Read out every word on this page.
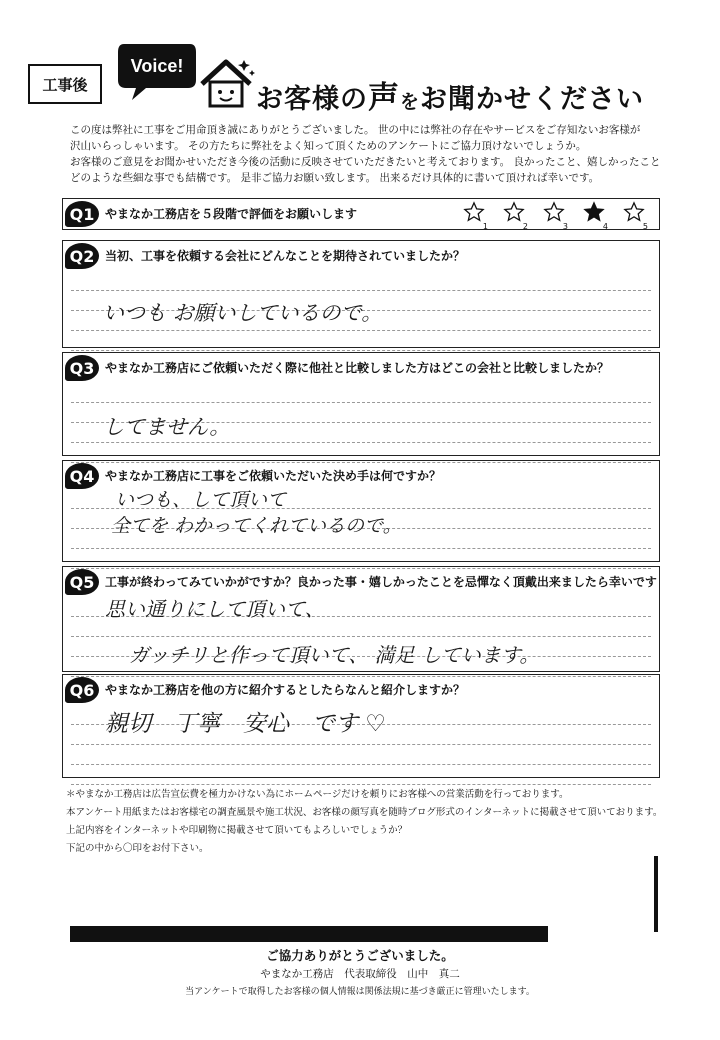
工事後
Voice!
お客様の声をお聞かせください

この度は弊社に工事をご用命頂き誠にありがとうございました。 世の中には弊社の存在やサービスをご存知ないお客様が

沢山いらっしゃいます。 その方たちに弊社をよく知って頂くためのアンケートにご協力頂けないでしょうか。

お客様のご意見をお聞かせいただき今後の活動に反映させていただきたいと考えております。 良かったこと、嬉しかったこと

どのような些細な事でも結構です。 是非ご協力お願い致します。 出来るだけ具体的に書いて頂ければ幸いです。

Q1 やまなか工務店を５段階で評価をお願いします
1	2	3	4	5
Q2 当初、工事を依頼する会社にどんなことを期待されていましたか？
いつも お願いしているので。
Q3 やまなか工務店にご依頼いただく際に他社と比較しました方はどこの会社と比較しましたか？
してません。
Q4 やまなか工務店に工事をご依頼いただいた決め手は何ですか？
いつも、して頂いて
全てを わかってくれているので。
Q5 工事が終わってみていかがですか？良かった事・嬉しかったことを忌憚なく頂戴出来ましたら幸いです
思い通りにして頂いて、
ガッチリと作って頂いて、 満足 しています。
Q6 やまなか工務店を他の方に紹介するとしたらなんと紹介しますか？
親切　丁寧　安心　です ♡
＊やまなか工務店は広告宣伝費を極力かけない為にホームページだけを頼りにお客様への営業活動を行っております。
本アンケート用紙またはお客様宅の調査風景や施工状況、お客様の顔写真を随時ブログ形式のインターネットに掲載させて頂いております。
上記内容をインターネットや印刷物に掲載させて頂いてもよろしいでしょうか？
下記の中から〇印をお付下さい。
ご協力ありがとうございました。
やまなか工務店　代表取締役　山中　真二
当アンケートで取得したお客様の個人情報は関係法規に基づき厳正に管理いたします。
